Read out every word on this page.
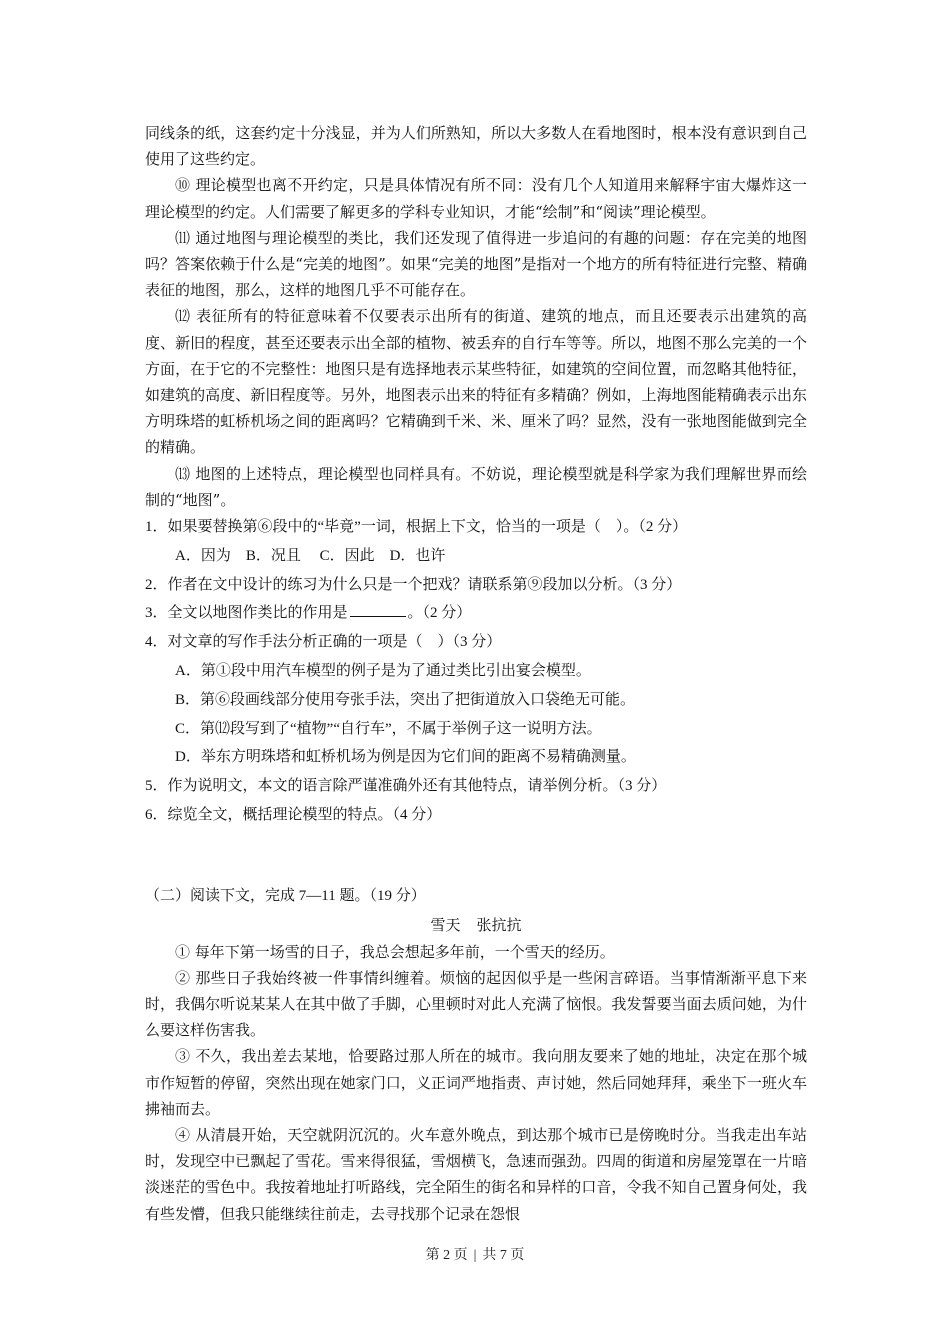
同线条的纸，这套约定十分浅显，并为人们所熟知，所以大多数人在看地图时，根本没有意识到自己使用了这些约定。

⑩ 理论模型也离不开约定，只是具体情况有所不同：没有几个人知道用来解释宇宙大爆炸这一理论模型的约定。人们需要了解更多的学科专业知识，才能“绘制”和“阅读”理论模型。

⑾ 通过地图与理论模型的类比，我们还发现了值得进一步追问的有趣的问题：存在完美的地图吗？答案依赖于什么是“完美的地图”。如果“完美的地图”是指对一个地方的所有特征进行完整、精确表征的地图，那么，这样的地图几乎不可能存在。

⑿ 表征所有的特征意味着不仅要表示出所有的街道、建筑的地点，而且还要表示出建筑的高度、新旧的程度，甚至还要表示出全部的植物、被丢弃的自行车等等。所以，地图不那么完美的一个方面，在于它的不完整性：地图只是有选择地表示某些特征，如建筑的空间位置，而忽略其他特征，如建筑的高度、新旧程度等。另外，地图表示出来的特征有多精确？例如，上海地图能精确表示出东方明珠塔的虹桥机场之间的距离吗？它精确到千米、米、厘米了吗？显然，没有一张地图能做到完全的精确。

⒀ 地图的上述特点，理论模型也同样具有。不妨说，理论模型就是科学家为我们理解世界而绘制的“地图”。

1．如果要替换第⑥段中的“毕竟”一词，根据上下文，恰当的一项是（　）。（2 分）

A．因为　B．况且　 C．因此　D．也许

2．作者在文中设计的练习为什么只是一个把戏？请联系第⑨段加以分析。（3 分）

3．全文以地图作类比的作用是	。（2 分）

4．对文章的写作手法分析正确的一项是（　）（3 分）

A．第①段中用汽车模型的例子是为了通过类比引出宴会模型。

B．第⑥段画线部分使用夸张手法，突出了把街道放入口袋绝无可能。

C．第⑿段写到了“植物”“自行车”，不属于举例子这一说明方法。

D．举东方明珠塔和虹桥机场为例是因为它们间的距离不易精确测量。

5．作为说明文，本文的语言除严谨准确外还有其他特点，请举例分析。（3 分）

6．综览全文，概括理论模型的特点。（4 分）

（二）阅读下文，完成 7—11 题。（19 分）

雪天 张抗抗

① 每年下第一场雪的日子，我总会想起多年前，一个雪天的经历。

② 那些日子我始终被一件事情纠缠着。烦恼的起因似乎是一些闲言碎语。当事情渐渐平息下来时，我偶尔听说某某人在其中做了手脚，心里顿时对此人充满了恼恨。我发誓要当面去质问她，为什么要这样伤害我。

③ 不久，我出差去某地，恰要路过那人所在的城市。我向朋友要来了她的地址，决定在那个城市作短暂的停留，突然出现在她家门口，义正词严地指责、声讨她，然后同她拜拜，乘坐下一班火车拂袖而去。

④ 从清晨开始，天空就阴沉沉的。火车意外晚点，到达那个城市已是傍晚时分。当我走出车站时，发现空中已飘起了雪花。雪来得很猛，雪烟横飞，急速而强劲。四周的街道和房屋笼罩在一片暗淡迷茫的雪色中。我按着地址打听路线，完全陌生的街名和异样的口音，令我不知自己置身何处，我有些发懵，但我只能继续往前走，去寻找那个记录在怨恨

第 2 页 | 共 7 页
